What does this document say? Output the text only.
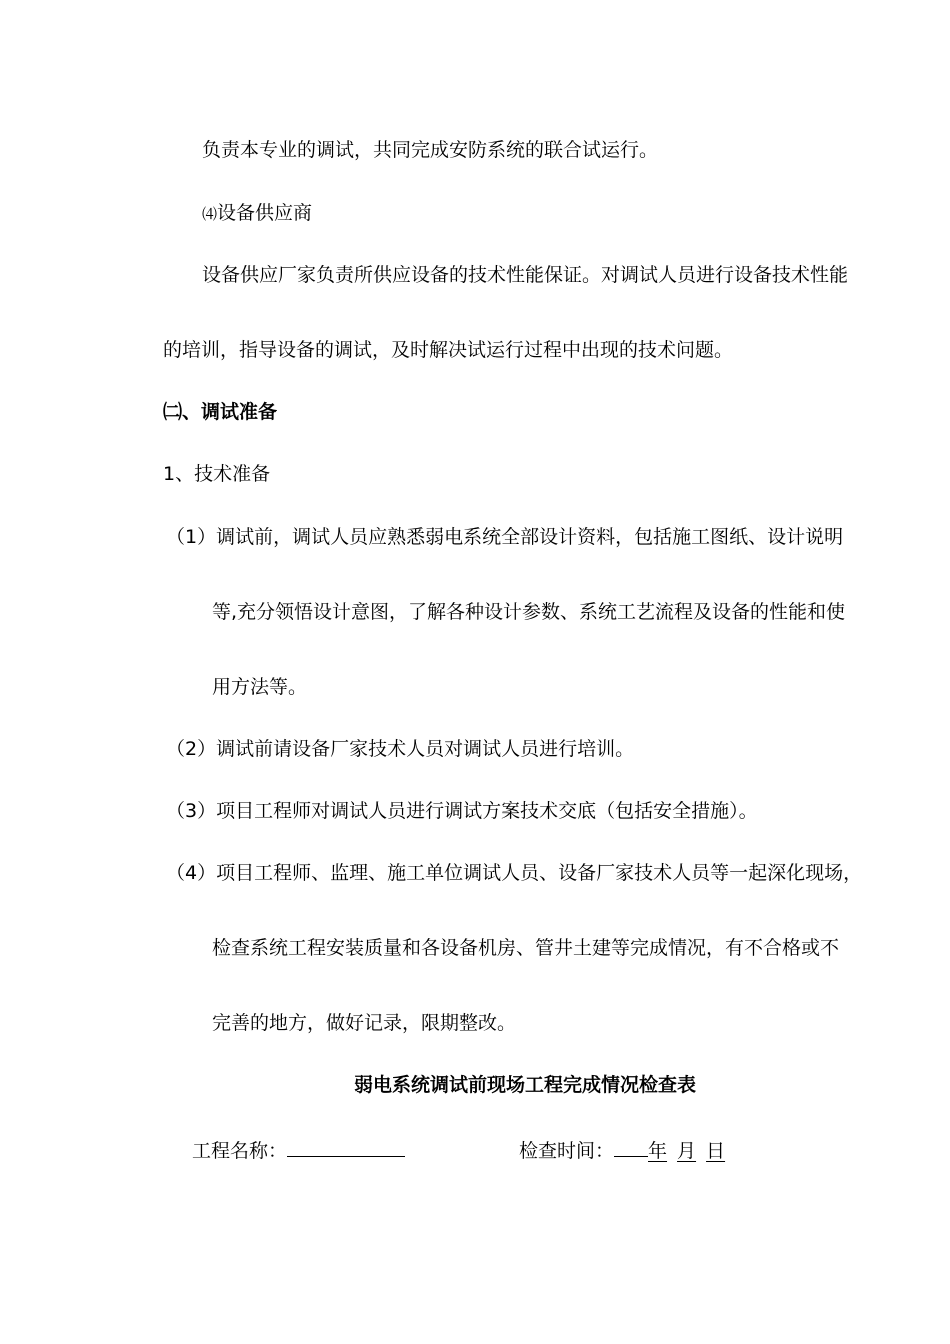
负责本专业的调试，共同完成安防系统的联合试运行。
⑷设备供应商
设备供应厂家负责所供应设备的技术性能保证。对调试人员进行设备技术性能
的培训，指导设备的调试，及时解决试运行过程中出现的技术问题。
㈡、调试准备
1、技术准备
（1）调试前，调试人员应熟悉弱电系统全部设计资料，包括施工图纸、设计说明
等,充分领悟设计意图，了解各种设计参数、系统工艺流程及设备的性能和使
用方法等。
（2）调试前请设备厂家技术人员对调试人员进行培训。
（3）项目工程师对调试人员进行调试方案技术交底（包括安全措施）。
（4）项目工程师、监理、施工单位调试人员、设备厂家技术人员等一起深化现场，
检查系统工程安装质量和各设备机房、管井土建等完成情况，有不合格或不
完善的地方，做好记录，限期整改。
弱电系统调试前现场工程完成情况检查表
工程名称：	检查时间： 年 月 日
